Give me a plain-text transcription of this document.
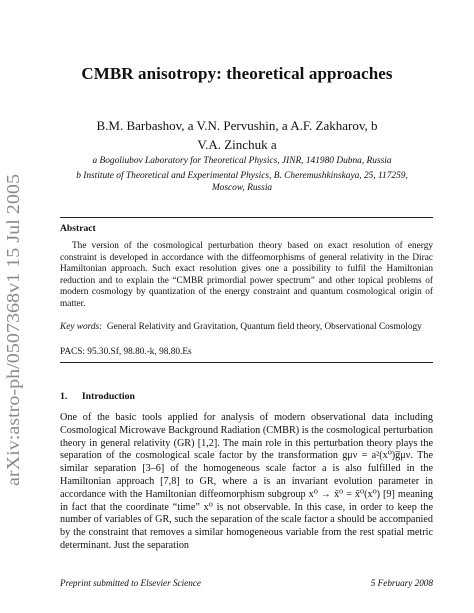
arXiv:astro-ph/0507368v1 15 Jul 2005
CMBR anisotropy: theoretical approaches
B.M. Barbashov, a V.N. Pervushin, a A.F. Zakharov, b
V.A. Zinchuk a
a Bogoliubov Laboratory for Theoretical Physics, JINR, 141980 Dubna, Russia
b Institute of Theoretical and Experimental Physics, B. Cheremushkinskaya, 25, 117259, Moscow, Russia
Abstract
The version of the cosmological perturbation theory based on exact resolution of energy constraint is developed in accordance with the diffeomorphisms of general relativity in the Dirac Hamiltonian approach. Such exact resolution gives one a possibility to fulfil the Hamiltonian reduction and to explain the “CMBR primordial power spectrum” and other topical problems of modern cosmology by quantization of the energy constraint and quantum cosmological origin of matter.
Key words: General Relativity and Gravitation, Quantum field theory, Observational Cosmology
PACS: 95.30.Sf, 98.80.-k, 98.80.Es
1. Introduction
One of the basic tools applied for analysis of modern observational data including Cosmological Microwave Background Radiation (CMBR) is the cosmological perturbation theory in general relativity (GR) [1,2]. The main role in this perturbation theory plays the separation of the cosmological scale factor by the transformation gμν = a²(x⁰)g̅μν. The similar separation [3–6] of the homogeneous scale factor a is also fulfilled in the Hamiltonian approach [7,8] to GR, where a is an invariant evolution parameter in accordance with the Hamiltonian diffeomorphism subgroup x⁰ → x̃⁰ = x̃⁰(x⁰) [9] meaning in fact that the coordinate “time” x⁰ is not observable. In this case, in order to keep the number of variables of GR, such the separation of the scale factor a should be accompanied by the constraint that removes a similar homogeneous variable from the rest spatial metric determinant. Just the separation
Preprint submitted to Elsevier Science	5 February 2008
